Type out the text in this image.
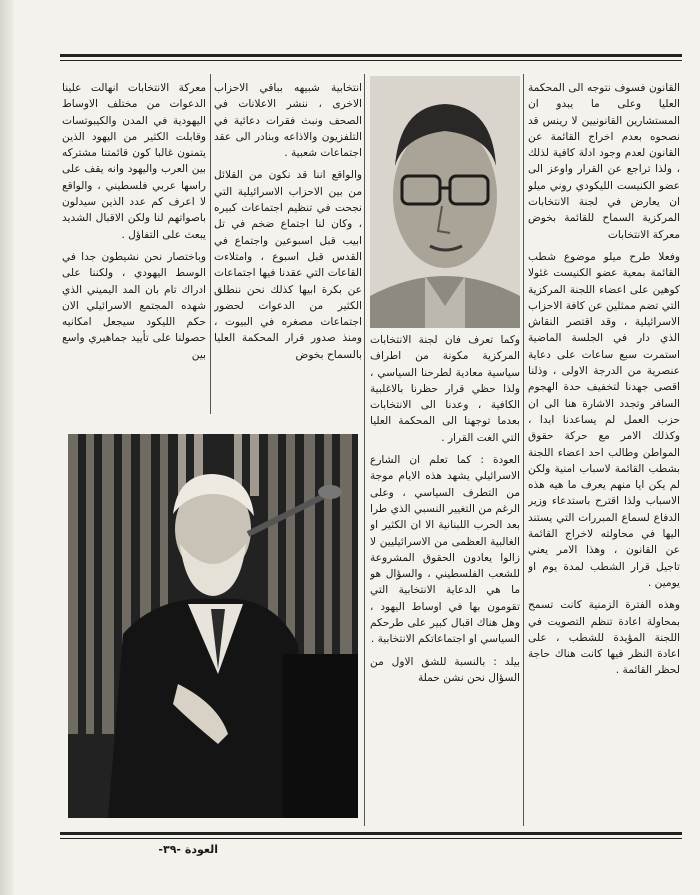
القانون فسوف نتوجه الى المحكمة العليا وعلى ما يبدو ان المستشارين القانونيين لا رينس قد نصحوه بعدم اخراج القائمة عن القانون لعدم وجود ادلة كافية لذلك ، ولذا تراجع عن القرار واوعز الى عضو الكنيست الليكودي روني ميلو ان يعارض في لجنة الانتخابات المركزية السماح للقائمة بخوض معركة الانتخابات

وفعلا طرح ميلو موضوع شطب القائمة بمعية عضو الكنيست غئولا كوهين على اعضاء اللجنة المركزية التي تضم ممثلين عن كافة الاحزاب الاسرائيلية ، وقد اقتصر النقاش الذي دار في الجلسة الماضية استمرت سبع ساعات على دعاية عنصرية من الدرجة الاولى ، وذلنا اقصى جهدنا لتخفيف حدة الهجوم السافر وتجدد الاشارة هنا الى ان حزب العمل لم يساعدنا ابدا ، وكذلك الامر مع حركة حقوق المواطن وطالب احد اعضاء اللجنة بشطب القائمة لاسباب امنية ولكن لم يكن ايا منهم يعرف ما هيه هذه الاسباب ولذا اقترح باستدعاء وزير الدفاع لسماع المبررات التي يستند اليها في محاولته لاخراج القائمة عن القانون ، وهذا الامر يعني تاجيل قرار الشطب لمدة يوم او يومين .

وهذه الفترة الزمنية كانت تسمح بمحاولة اعادة تنظم التصويت في اللجنة المؤيدة للشطب ، على اعادة النظر فيها كانت هناك حاجة لحظر القائمة .

انتخابية شبيهه بباقي الاحزاب الاخرى ، ننشر الاعلانات في الصحف ونبث فقرات دعائية في التلفزيون والاذاعه وبنادر الى عقد اجتماعات شعبية .

والواقع اننا قد نكون من القلائل من بين الاحزاب الاسرائيلية التي نجحت في تنظيم اجتماعات كبيره ، وكان لنا اجتماع ضخم في تل ابيب قبل اسبوعين واجتماع في القدس قبل اسبوع ، وامتلاءت القاعات التي عقدنا فيها اجتماعات عن بكرة ابيها كذلك نحن ننطلق الكثير من الدعوات لحضور اجتماعات مصغره في البيوت ، ومنذ صدور قرار المحكمة العليا بالسماح بخوض

وكما تعرف فان لجنة الانتخابات المركزية مكونة من اطراف سياسية معادية لطرحنا السياسي ، ولذا حظي قرار حظرنا بالاغلبية الكافية ، وعدنا الى الانتخابات بعدما توجهنا الى المحكمة العليا التي الغت القرار .

العودة : كما تعلم ان الشارع الاسرائيلي يشهد هذه الايام موجة من التطرف السياسي ، وعلى الرغم من التغيير النسبي الذي طرا بعد الحرب اللبنانية الا ان الكثير او الغالبية العظمى من الاسرائيليين لا زالوا يعادون الحقوق المشروعة للشعب الفلسطيني ، والسؤال هو ما هي الدعاية الانتخابية التي تقومون بها في اوساط اليهود ، وهل هناك اقبال كبير على طرحكم السياسي او اجتماعاتكم الانتخابية .

بيلد : بالنسبة للشق الاول من السؤال نحن نشن حملة

معركة الانتخابات انهالت علينا الدعوات من مختلف الاوساط اليهودية في المدن والكيبوتسات وقابلت الكثير من اليهود الذين يتمنون غالبا كون قائمتنا مشتركه بين العرب واليهود وانه يقف على راسها عربي فلسطيني ، والواقع لا اعرف كم عدد الذين سيدلون باصواتهم لنا ولكن الاقبال الشديد يبعث على التفاؤل .

وباختصار نحن نشيطون جدا في الوسط اليهودي ، ولكننا على ادراك تام بان المد اليميني الذي شهده المجتمع الاسرائيلي الان حكم الليكود سيجعل امكانيه حصولنا على تأييد جماهيري واسع بين

العودة -٣٩-
